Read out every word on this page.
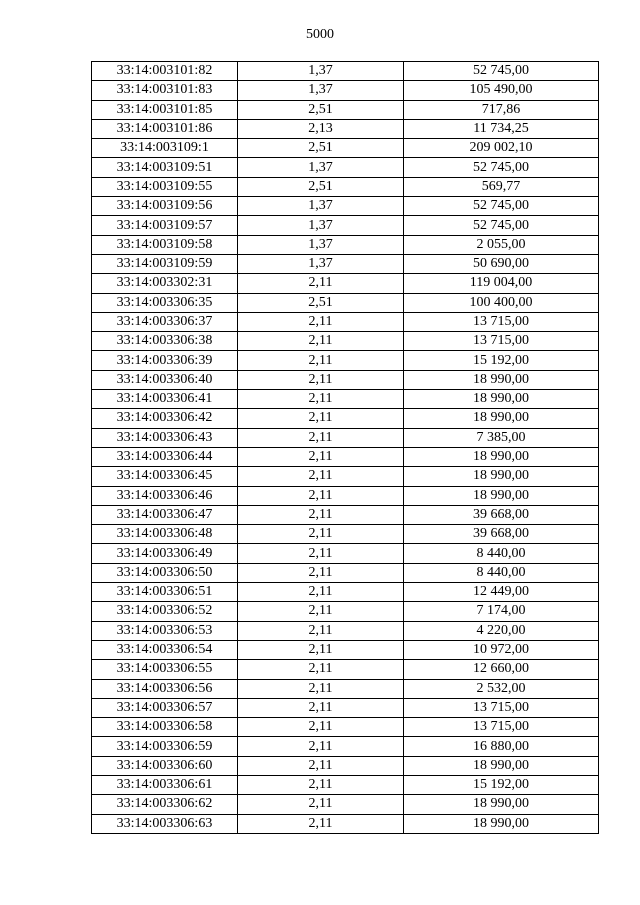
5000
33:14:003101:82	1,37	52 745,00
33:14:003101:83	1,37	105 490,00
33:14:003101:85	2,51	717,86
33:14:003101:86	2,13	11 734,25
33:14:003109:1	2,51	209 002,10
33:14:003109:51	1,37	52 745,00
33:14:003109:55	2,51	569,77
33:14:003109:56	1,37	52 745,00
33:14:003109:57	1,37	52 745,00
33:14:003109:58	1,37	2 055,00
33:14:003109:59	1,37	50 690,00
33:14:003302:31	2,11	119 004,00
33:14:003306:35	2,51	100 400,00
33:14:003306:37	2,11	13 715,00
33:14:003306:38	2,11	13 715,00
33:14:003306:39	2,11	15 192,00
33:14:003306:40	2,11	18 990,00
33:14:003306:41	2,11	18 990,00
33:14:003306:42	2,11	18 990,00
33:14:003306:43	2,11	7 385,00
33:14:003306:44	2,11	18 990,00
33:14:003306:45	2,11	18 990,00
33:14:003306:46	2,11	18 990,00
33:14:003306:47	2,11	39 668,00
33:14:003306:48	2,11	39 668,00
33:14:003306:49	2,11	8 440,00
33:14:003306:50	2,11	8 440,00
33:14:003306:51	2,11	12 449,00
33:14:003306:52	2,11	7 174,00
33:14:003306:53	2,11	4 220,00
33:14:003306:54	2,11	10 972,00
33:14:003306:55	2,11	12 660,00
33:14:003306:56	2,11	2 532,00
33:14:003306:57	2,11	13 715,00
33:14:003306:58	2,11	13 715,00
33:14:003306:59	2,11	16 880,00
33:14:003306:60	2,11	18 990,00
33:14:003306:61	2,11	15 192,00
33:14:003306:62	2,11	18 990,00
33:14:003306:63	2,11	18 990,00
